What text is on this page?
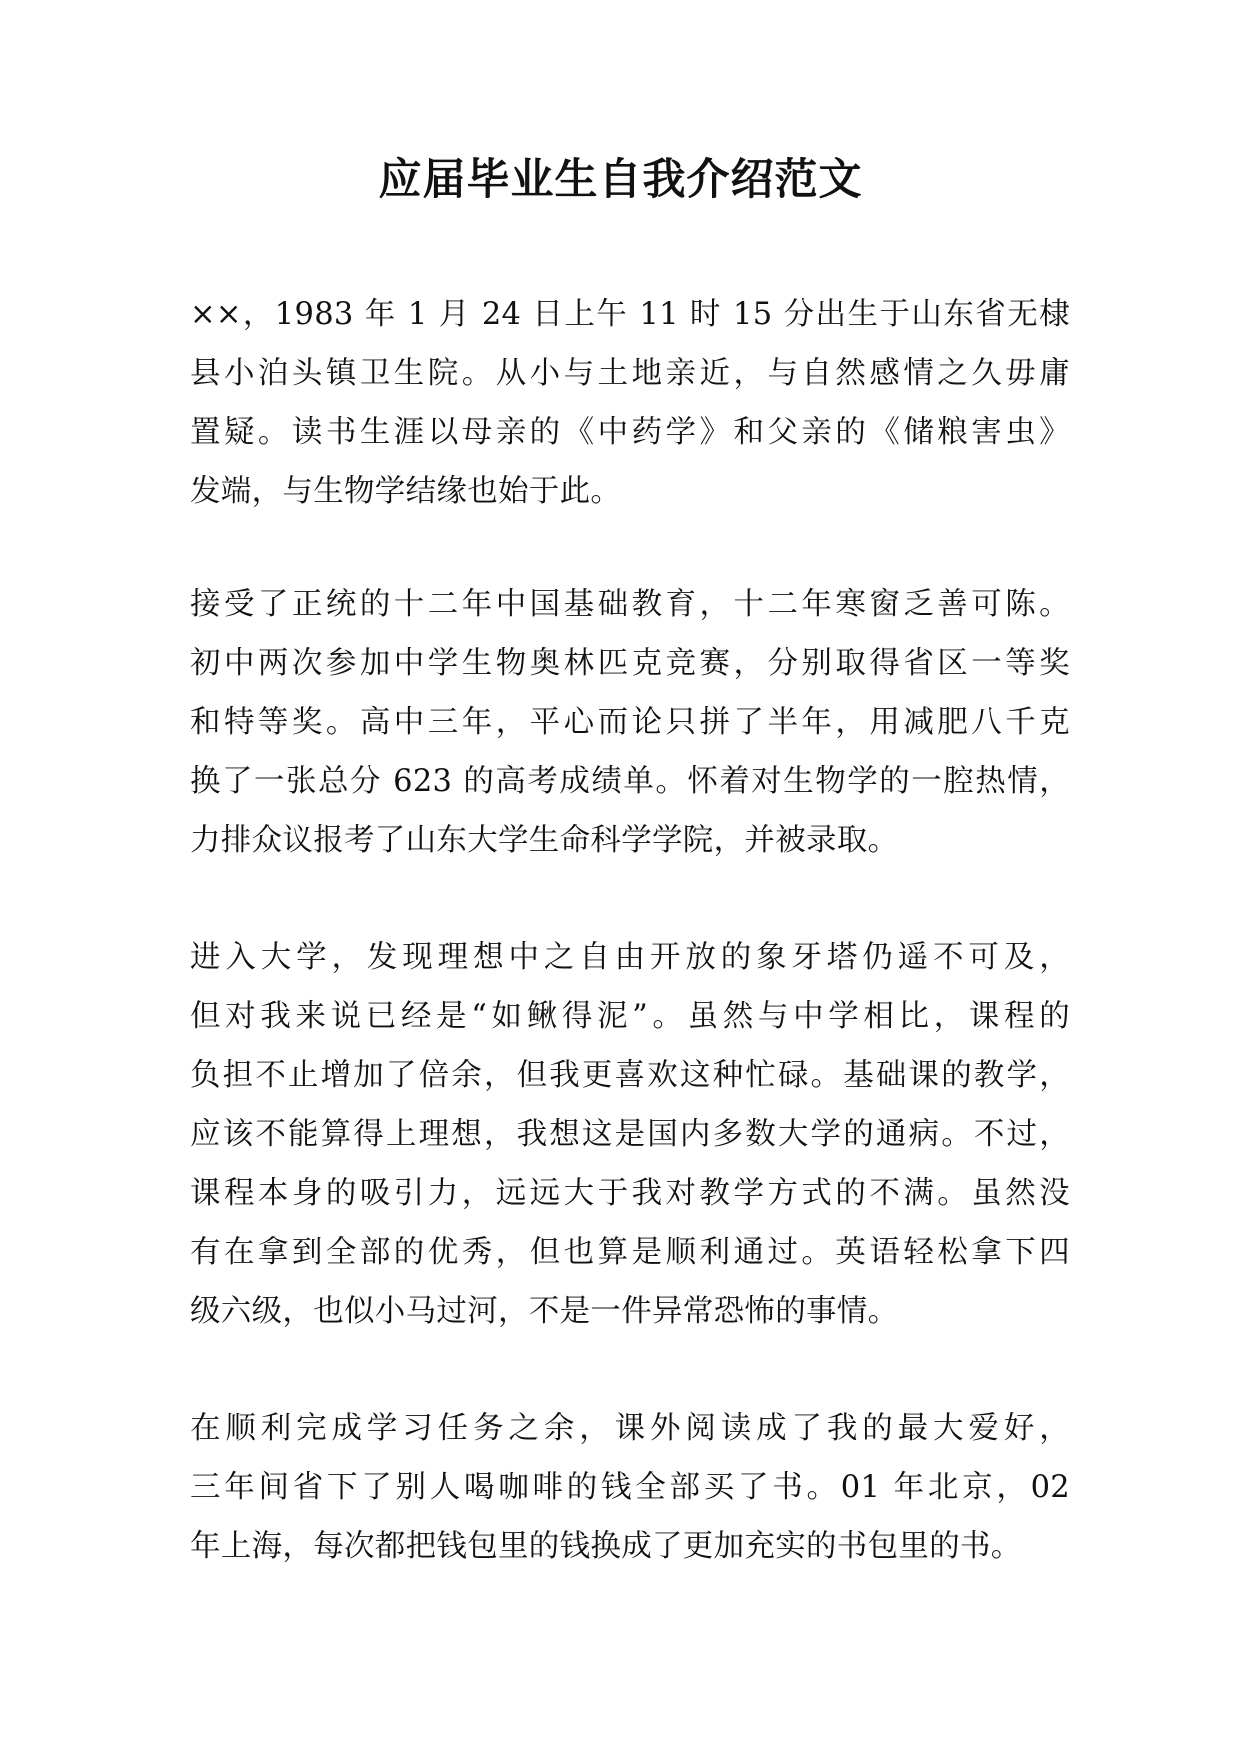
应届毕业生自我介绍范文
××，1983 年 1 月 24 日上午 11 时 15 分出生于山东省无棣
县小泊头镇卫生院。从小与土地亲近，与自然感情之久毋庸
置疑。读书生涯以母亲的《中药学》和父亲的《储粮害虫》
发端，与生物学结缘也始于此。
接受了正统的十二年中国基础教育，十二年寒窗乏善可陈。
初中两次参加中学生物奥林匹克竞赛，分别取得省区一等奖
和特等奖。高中三年，平心而论只拼了半年，用减肥八千克
换了一张总分 623 的高考成绩单。怀着对生物学的一腔热情，
力排众议报考了山东大学生命科学学院，并被录取。
进入大学，发现理想中之自由开放的象牙塔仍遥不可及，
但对我来说已经是“如鳅得泥”。虽然与中学相比，课程的
负担不止增加了倍余，但我更喜欢这种忙碌。基础课的教学，
应该不能算得上理想，我想这是国内多数大学的通病。不过，
课程本身的吸引力，远远大于我对教学方式的不满。虽然没
有在拿到全部的优秀，但也算是顺利通过。英语轻松拿下四
级六级，也似小马过河，不是一件异常恐怖的事情。
在顺利完成学习任务之余，课外阅读成了我的最大爱好，
三年间省下了别人喝咖啡的钱全部买了书。01 年北京，02
年上海，每次都把钱包里的钱换成了更加充实的书包里的书。
